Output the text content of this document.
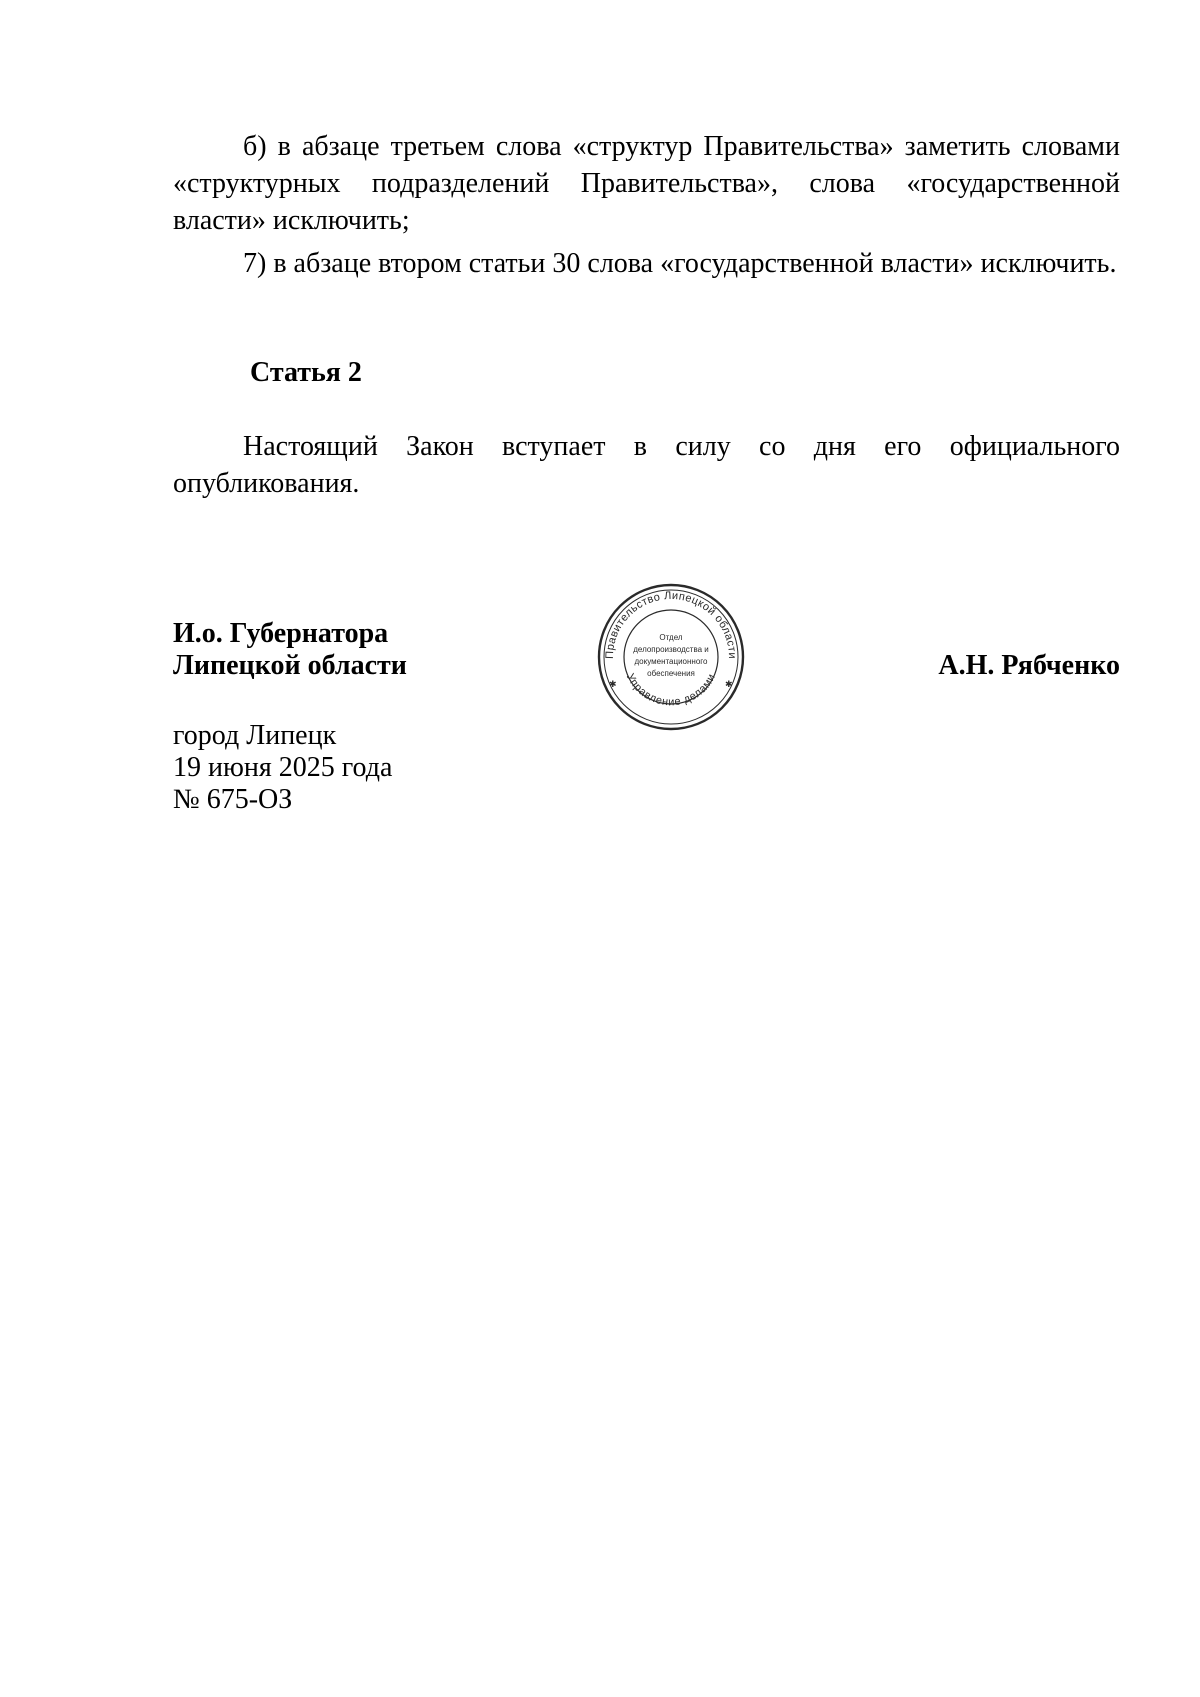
б) в абзаце третьем слова «структур Правительства» заметить словами «структурных подразделений Правительства», слова «государственной власти» исключить;

7) в абзаце втором статьи 30 слова «государственной власти» исключить.

Статья 2

Настоящий Закон вступает в силу со дня его официального опубликования.

И.о. Губернатора
Липецкой области	Правительство Липецкой области
Управление делами
Отдел
делопроизводства и
документационного
обеспечения
✱	✱
А.Н. Рябченко
город Липецк
19 июня 2025 года
№ 675-ОЗ
